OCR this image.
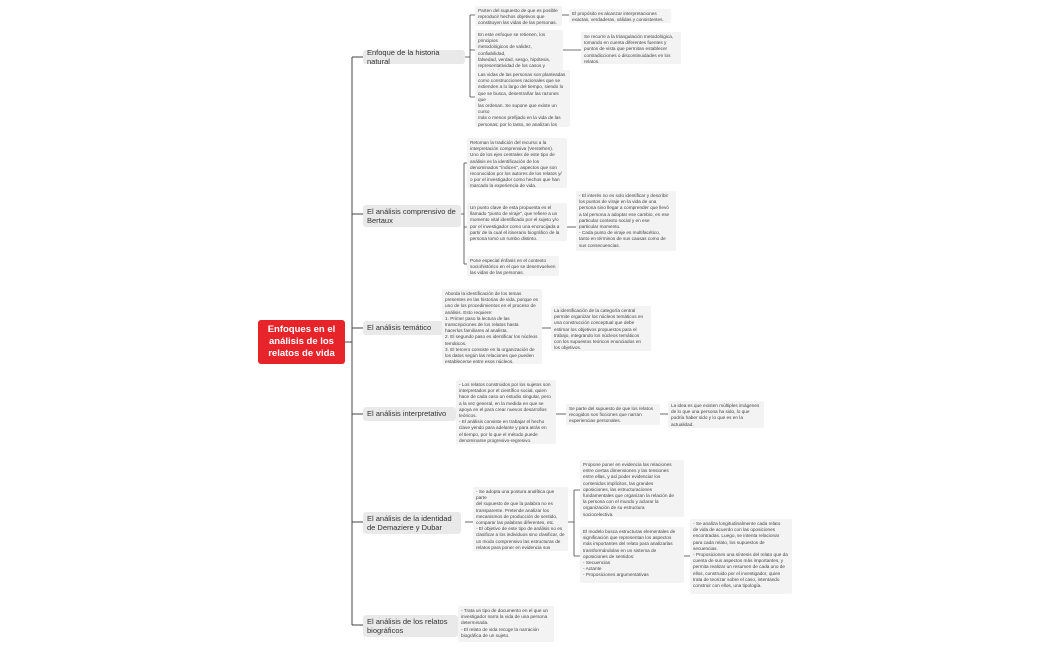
Enfoques en el
análisis de los
relatos de vida
Enfoque de la historia natural
Parten del supuesto de que es posible
reproducir hechos objetivos que
constituyen las vidas de las personas.
En este enfoque se retienen, los principios
metodológicos de validez, confiabilidad,
falsedad, verdad, sesgo, hipótesis,
representatividad de los casos y

Las vidas de las personas son planteadas
como construcciones racionales que se
extienden a lo largo del tiempo, siendo lo
que se busca, desentrañar las razones que
las ordenan. Se supone que existe un curso
más o menos prefijado en la vida de las
personas; por lo tanto, se analizan los

El propósito es alcanzar interpretaciones
exactas, verdaderas, válidas y consistentes.
Se recurre a la triangulación metodológica,
tomando en cuenta diferentes fuentes y
puntos de vista que permitan establecer
contradicciones o discontinuidades en los
relatos.
El análisis comprensivo de Bertaux
Retoman la tradición del recurso a la
interpretación comprensiva (Verstehen).
Uno de los ejes centrales de este tipo de
análisis es la identificación de los
denominados "índices", aspectos que son
reconocidos por los autores de los relatos y/
o por el investigador como hechos que han
marcado la experiencia de vida.
Un punto clave de esta propuesta es el
llamado "punto de viraje", que refiere a un
momento vital identificado por el sujeto y/o
por el investigador como una encrucijada a
partir de la cual el itinerario biográfico de la
persona tomó un rumbo distinto.
Pone especial énfasis en el contexto
sociohistórico en el que se desenvuelven
las vidas de las personas.
- El interés no es solo identificar y describir
los puntos de viraje en la vida de una
persona sino llegar a comprender que llevó
a tal persona a adoptar ese cambio, en ese
particular contexto social y en ese
particular momento.
- Cada punto de viraje es multifacético,
tanto en términos de sus causas como de
sus consecuencias.
El análisis temático
Aborda la identificación de los temas
presentes en las historias de vida, porque es
uno de los procedimientos en el proceso de
análisis. Esto requiere:
1. Primer paso la lectura de las
transcripciones de los relatos hasta
hacerlos familiares al analista.
2. El segundo paso es identificar los núcleos
temáticos.
3. El tercero consiste en la organización de
los datos según las relaciones que pueden
establecerse entre esos núcleos.
La identificación de la categoría central
permite organizar los núcleos temáticos en
una construcción conceptual que debe
estimar los objetivos propuestos para el
trabajo, integrando los núcleos temáticos
con los supuestos teóricos enunciados en
los objetivos.
El análisis interpretativo
- Los relatos construidos por los sujetos son
interpretados por el científico social, quien
hace de cada caso un estudio singular, pero
a la vez general, en la medida en que se
apoya en el para crear nuevos desarrollos
teóricos.
- El análisis consiste en trabajar el hecho
clave yendo para adelante y para atrás en
el tiempo, por lo que el método puede
denominarse progresivo-regresivo.
Se parte del supuesto de que los relatos
recogidos son ficciones que narran
experiencias personales.
La idea es que existen múltiples imágenes
de lo que una persona ha sido, lo que
podría haber sido y lo que es en la
actualidad.
El análisis de la identidad de Demaziere y Dubar
- Se adopta una postura analítica que parte
del supuesto de que la palabra no es
transparente. Pretende analizar los
mecanismos de producción de sentido,
comparar las palabras diferentes, etc.
- El objetivo de este tipo de análisis no es
clasificar a los individuos sino clasificar, de
un modo comprensivo las estructuras de
relatos para poner en evidencia sus

Propone poner en evidencia las relaciones
entre ciertas dimensiones y las tensiones
entre ellas, y así poder evidenciar los
contenidos implícitos, las grandes
oposiciones, las estructuraciones
fundamentales que organizan la relación de
la persona con el mundo y aclarar la
organización de su estructura
sociocelectiva.
El modelo busca estructuras elementales de
significación que representan los aspectos
más importantes del relato para analizarlas
transformándolas en un sistema de
oposiciones de sentidos:
- Secuencias
- Actante
- Proposiciones argumentativas
- Se analiza longitudinalmente cada relato
de vida de acuerdo con las oposiciones
encontradas. Luego, se intenta relacionar
para cada relato, los supuestos de
secuencias.
- Proposiciones una síntesis del relato que da
cuenta de sus aspectos más importantes, y
permita realizar un resumen de cada uno de
ellos, construido por el investigador, quien
trata de teorizar sobre el caso, intentando
construir con ellos, una tipología.
El análisis de los relatos biográficos
- Trata un tipo de documento en el que un
investigador narra la vida de una persona
determinada.
- El relato de vida recoge la narración
biográfica de un sujeto.
